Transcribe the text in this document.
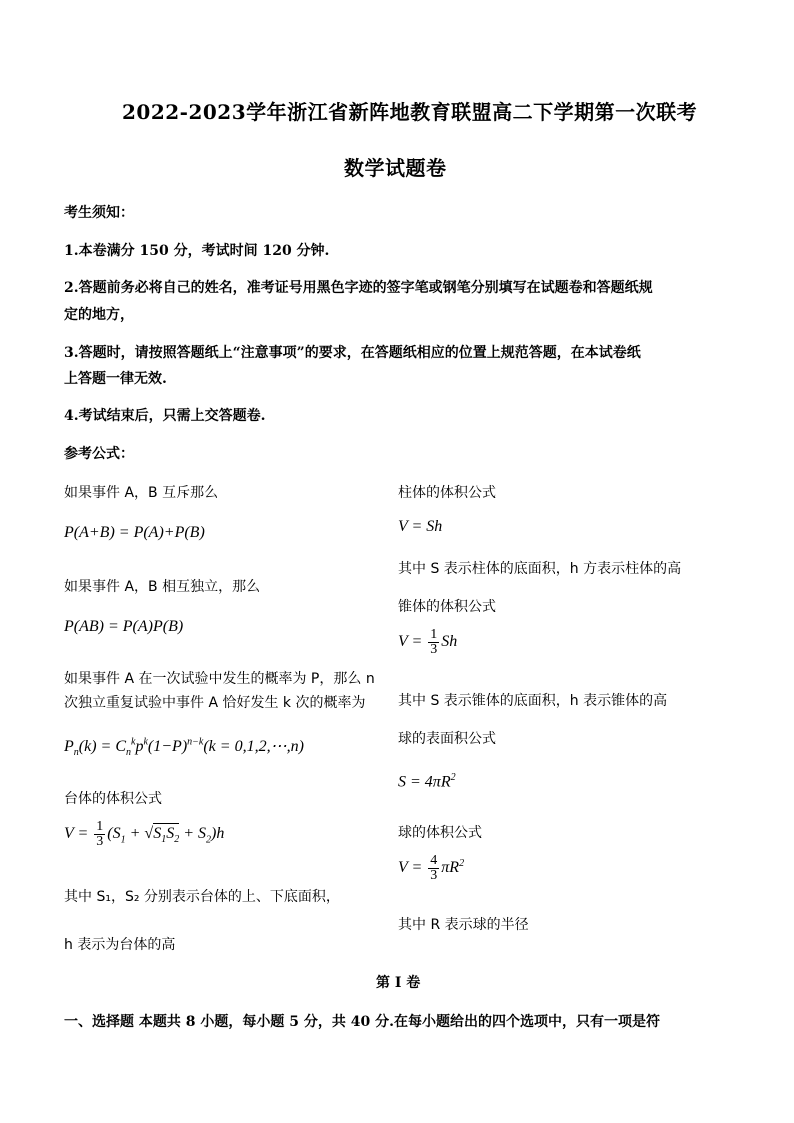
2022-2023学年浙江省新阵地教育联盟高二下学期第一次联考
数学试题卷
考生须知：
1.本卷满分 150 分，考试时间 120 分钟.
2.答题前务必将自己的姓名，准考证号用黑色字迹的签字笔或钢笔分别填写在试题卷和答题纸规
定的地方，
3.答题时，请按照答题纸上“注意事项”的要求，在答题纸相应的位置上规范答题，在本试卷纸
上答题一律无效.
4.考试结束后，只需上交答题卷.
参考公式：
如果事件 A，B 互斥那么
P(A+B) = P(A)+P(B)
如果事件 A，B 相互独立，那么
P(AB) = P(A)P(B)
如果事件 A 在一次试验中发生的概率为 P，那么 n
次独立重复试验中事件 A 恰好发生 k 次的概率为
$P_n(k) = C_n^kp^k(1-P)^{n-k}(k$ = 0,1,2,⋯,n)
台体的体积公式
$V = \frac{1}{3} (S_1 + √S_1S_2 + S_2)h$
其中 S₁，S₂ 分别表示台体的上、下底面积，
h 表示为台体的高
柱体的体积公式
V = Sh
其中 S 表示柱体的底面积，h 方表示柱体的高
锥体的体积公式
$V = \frac{1}{3}$ Sh
其中 S 表示锥体的底面积，h 表示锥体的高
球的表面积公式
$S = 4\pi R^2$
球的体积公式
$V = \frac{4}{3} \pi R^2$
其中 R 表示球的半径
第 I 卷
一、选择题 本题共 8 小题，每小题 5 分，共 40 分.在每小题给出的四个选项中，只有一项是符
